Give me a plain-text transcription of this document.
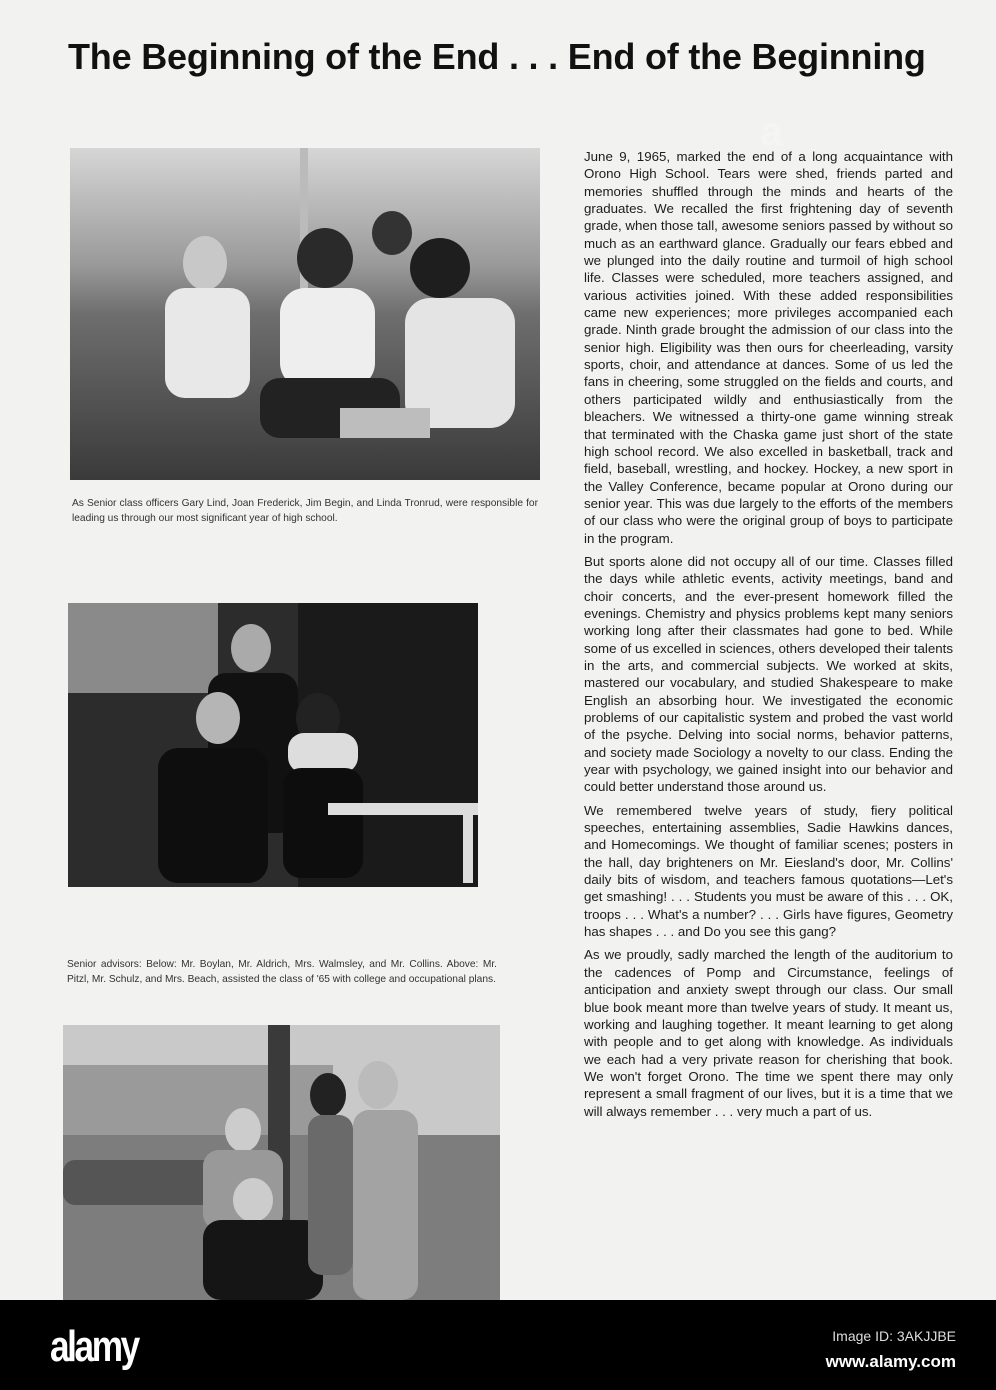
The Beginning of the End . . . End of the Beginning
As Senior class officers Gary Lind, Joan Frederick, Jim Begin, and Linda Tronrud, were responsible for leading us through our most significant year of high school.
Senior advisors: Below: Mr. Boylan, Mr. Aldrich, Mrs. Walmsley, and Mr. Collins. Above: Mr. Pitzl, Mr. Schulz, and Mrs. Beach, assisted the class of '65 with college and occupational plans.
a

June 9, 1965, marked the end of a long acquaintance with Orono High School. Tears were shed, friends parted and memories shuffled through the minds and hearts of the graduates. We recalled the first frightening day of seventh grade, when those tall, awesome seniors passed by without so much as an earthward glance. Gradually our fears ebbed and we plunged into the daily routine and turmoil of high school life. Classes were scheduled, more teachers assigned, and various activities joined. With these added responsibilities came new experiences; more privileges accompanied each grade. Ninth grade brought the admission of our class into the senior high. Eligibility was then ours for cheerleading, varsity sports, choir, and attendance at dances. Some of us led the fans in cheering, some struggled on the fields and courts, and others participated wildly and enthusiastically from the bleachers. We witnessed a thirty-one game winning streak that terminated with the Chaska game just short of the state high school record. We also excelled in basketball, track and field, baseball, wrestling, and hockey. Hockey, a new sport in the Valley Conference, became popular at Orono during our senior year. This was due largely to the efforts of the members of our class who were the original group of boys to participate in the program.

But sports alone did not occupy all of our time. Classes filled the days while athletic events, activity meetings, band and choir concerts, and the ever-present homework filled the evenings. Chemistry and physics problems kept many seniors working long after their classmates had gone to bed. While some of us excelled in sciences, others developed their talents in the arts, and commercial subjects. We worked at skits, mastered our vocabulary, and studied Shakespeare to make English an absorbing hour. We investigated the economic problems of our capitalistic system and probed the vast world of the psyche. Delving into social norms, behavior patterns, and society made Sociology a novelty to our class. Ending the year with psychology, we gained insight into our behavior and could better understand those around us.

We remembered twelve years of study, fiery political speeches, entertaining assemblies, Sadie Hawkins dances, and Homecomings. We thought of familiar scenes; posters in the hall, day brighteners on Mr. Eiesland's door, Mr. Collins' daily bits of wisdom, and teachers famous quotations—Let's get smashing! . . . Students you must be aware of this . . . OK, troops . . . What's a number? . . . Girls have figures, Geometry has shapes . . . and Do you see this gang?

As we proudly, sadly marched the length of the auditorium to the cadences of Pomp and Circumstance, feelings of anticipation and anxiety swept through our class. Our small blue book meant more than twelve years of study. It meant us, working and laughing together. It meant learning to get along with people and to get along with knowledge. As individuals we each had a very private reason for cherishing that book. We won't forget Orono. The time we spent there may only represent a small fragment of our lives, but it is a time that we will always remember . . . very much a part of us.

alamy	Image ID: 3AKJJBE
www.alamy.com
